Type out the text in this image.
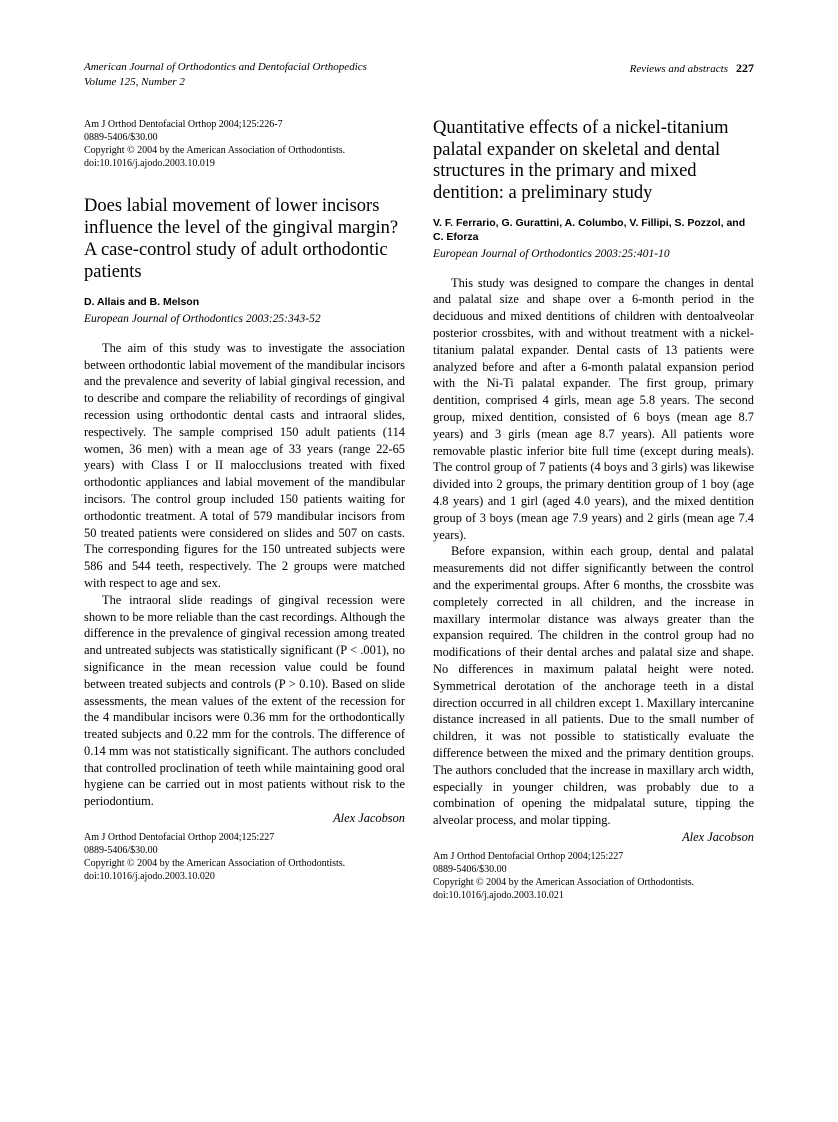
American Journal of Orthodontics and Dentofacial Orthopedics
Volume 125, Number 2
Reviews and abstracts 227
Am J Orthod Dentofacial Orthop 2004;125:226-7
0889-5406/$30.00
Copyright © 2004 by the American Association of Orthodontists.
doi:10.1016/j.ajodo.2003.10.019
Does labial movement of lower incisors influence the level of the gingival margin? A case-control study of adult orthodontic patients
D. Allais and B. Melson
European Journal of Orthodontics 2003:25:343-52

The aim of this study was to investigate the association between orthodontic labial movement of the mandibular incisors and the prevalence and severity of labial gingival recession, and to describe and compare the reliability of recordings of gingival recession using orthodontic dental casts and intraoral slides, respectively. The sample comprised 150 adult patients (114 women, 36 men) with a mean age of 33 years (range 22-65 years) with Class I or II malocclusions treated with fixed orthodontic appliances and labial movement of the mandibular incisors. The control group included 150 patients waiting for orthodontic treatment. A total of 579 mandibular incisors from 50 treated patients were considered on slides and 507 on casts. The corresponding figures for the 150 untreated subjects were 586 and 544 teeth, respectively. The 2 groups were matched with respect to age and sex.

The intraoral slide readings of gingival recession were shown to be more reliable than the cast recordings. Although the difference in the prevalence of gingival recession among treated and untreated subjects was statistically significant (P < .001), no significance in the mean recession value could be found between treated subjects and controls (P > 0.10). Based on slide assessments, the mean values of the extent of the recession for the 4 mandibular incisors were 0.36 mm for the orthodontically treated subjects and 0.22 mm for the controls. The difference of 0.14 mm was not statistically significant. The authors concluded that controlled proclination of teeth while maintaining good oral hygiene can be carried out in most patients without risk to the periodontium.

Alex Jacobson
Am J Orthod Dentofacial Orthop 2004;125:227
0889-5406/$30.00
Copyright © 2004 by the American Association of Orthodontists.
doi:10.1016/j.ajodo.2003.10.020
Quantitative effects of a nickel-titanium palatal expander on skeletal and dental structures in the primary and mixed dentition: a preliminary study
V. F. Ferrario, G. Gurattini, A. Columbo, V. Fillipi, S. Pozzol, and C. Eforza
European Journal of Orthodontics 2003:25:401-10

This study was designed to compare the changes in dental and palatal size and shape over a 6-month period in the deciduous and mixed dentitions of children with dentoalveolar posterior crossbites, with and without treatment with a nickel-titanium palatal expander. Dental casts of 13 patients were analyzed before and after a 6-month palatal expansion period with the Ni-Ti palatal expander. The first group, primary dentition, comprised 4 girls, mean age 5.8 years. The second group, mixed dentition, consisted of 6 boys (mean age 8.7 years) and 3 girls (mean age 8.7 years). All patients wore removable plastic inferior bite full time (except during meals). The control group of 7 patients (4 boys and 3 girls) was likewise divided into 2 groups, the primary dentition group of 1 boy (age 4.8 years) and 1 girl (aged 4.0 years), and the mixed dentition group of 3 boys (mean age 7.9 years) and 2 girls (mean age 7.4 years).

Before expansion, within each group, dental and palatal measurements did not differ significantly between the control and the experimental groups. After 6 months, the crossbite was completely corrected in all children, and the increase in maxillary intermolar distance was always greater than the expansion required. The children in the control group had no modifications of their dental arches and palatal size and shape. No differences in maximum palatal height were noted. Symmetrical derotation of the anchorage teeth in a distal direction occurred in all children except 1. Maxillary intercanine distance increased in all patients. Due to the small number of children, it was not possible to statistically evaluate the difference between the mixed and the primary dentition groups. The authors concluded that the increase in maxillary arch width, especially in younger children, was probably due to a combination of opening the midpalatal suture, tipping the alveolar process, and molar tipping.

Alex Jacobson
Am J Orthod Dentofacial Orthop 2004;125:227
0889-5406/$30.00
Copyright © 2004 by the American Association of Orthodontists.
doi:10.1016/j.ajodo.2003.10.021
